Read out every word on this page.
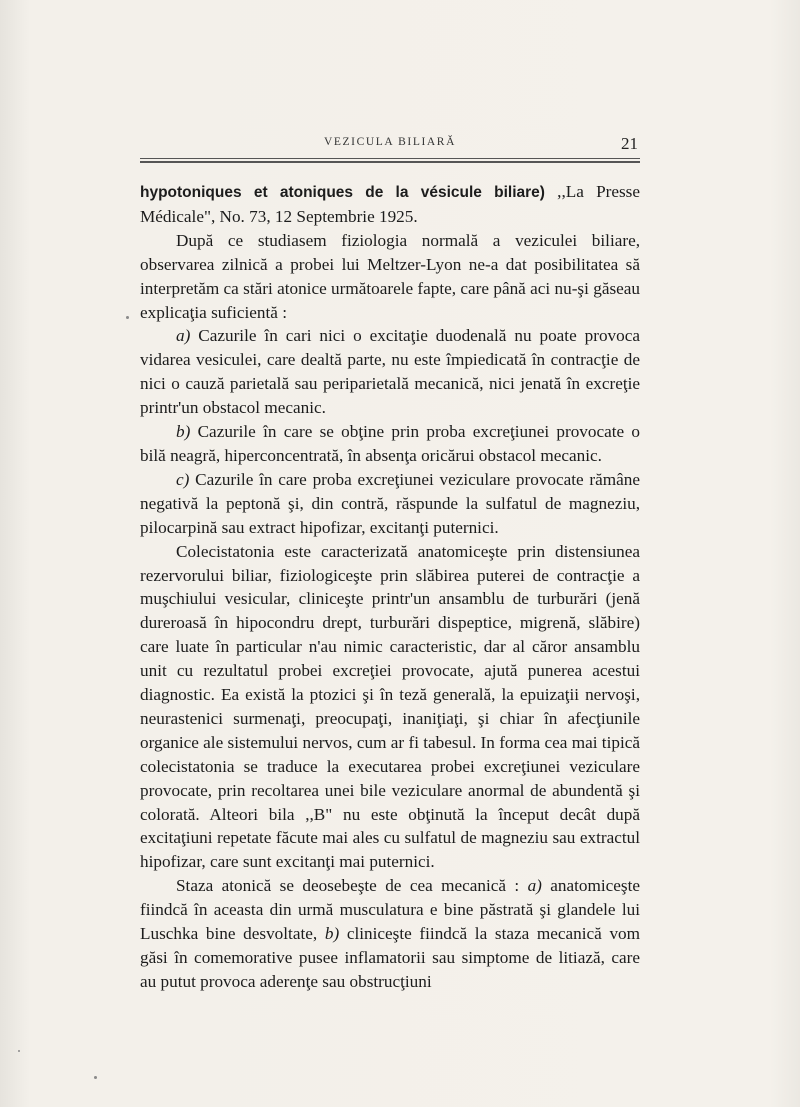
VEZICULA BILIARĂ	21

hypotoniques et atoniques de la vésicule biliare) ,,La Presse Médicale", No. 73, 12 Septembrie 1925.

După ce studiasem fiziologia normală a veziculei biliare, observarea zilnică a probei lui Meltzer-Lyon ne-a dat posibilitatea să interpretăm ca stări atonice următoarele fapte, care până aci nu-şi găseau explicaţia suficientă :

a) Cazurile în cari nici o excitaţie duodenală nu poate provoca vidarea vesiculei, care dealtă parte, nu este împiedicată în contracţie de nici o cauză parietală sau periparietală mecanică, nici jenată în excreţie printr'un obstacol mecanic.

b) Cazurile în care se obţine prin proba excreţiunei provocate o bilă neagră, hiperconcentrată, în absenţa oricărui obstacol mecanic.

c) Cazurile în care proba excreţiunei veziculare provocate rămâne negativă la peptonă şi, din contră, răspunde la sulfatul de magneziu, pilocarpină sau extract hipofizar, excitanţi puternici.

Colecistatonia este caracterizată anatomiceşte prin distensiunea rezervorului biliar, fiziologiceşte prin slăbirea puterei de contracţie a muşchiului vesicular, cliniceşte printr'un ansamblu de turburări (jenă dureroasă în hipocondru drept, turburări dispeptice, migrenă, slăbire) care luate în particular n'au nimic caracteristic, dar al căror ansamblu unit cu rezultatul probei excreţiei provocate, ajută punerea acestui diagnostic. Ea există la ptozici şi în teză generală, la epuizaţii nervoşi, neurastenici surmenaţi, preocupaţi, inaniţiaţi, şi chiar în afecţiunile organice ale sistemului nervos, cum ar fi tabesul. In forma cea mai tipică colecistatonia se traduce la executarea probei excreţiunei veziculare provocate, prin recoltarea unei bile veziculare anormal de abundentă şi colorată. Alteori bila ,,B" nu este obţinută la început decât după excitaţiuni repetate făcute mai ales cu sulfatul de magneziu sau extractul hipofizar, care sunt excitanţi mai puternici.

Staza atonică se deosebeşte de cea mecanică : a) anatomiceşte fiindcă în aceasta din urmă musculatura e bine păstrată şi glandele lui Luschka bine desvoltate, b) cliniceşte fiindcă la staza mecanică vom găsi în comemorative pusee inflamatorii sau simptome de litiază, care au putut provoca aderenţe sau obstrucţiuni
